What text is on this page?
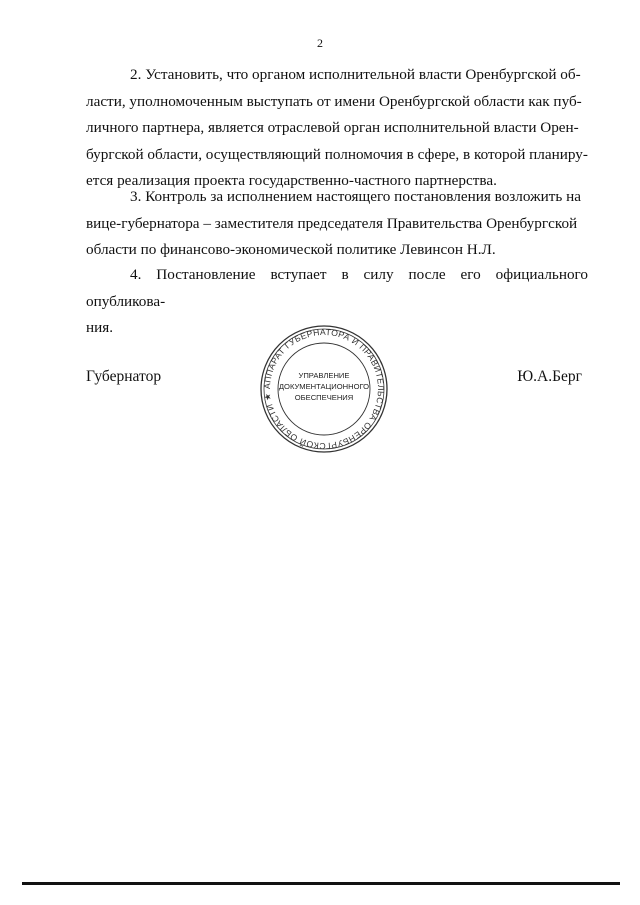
2

2. Установить, что органом исполнительной власти Оренбургской об-

ласти, уполномоченным выступать от имени Оренбургской области как пуб-

личного партнера, является отраслевой орган исполнительной власти Орен-

бургской области, осуществляющий полномочия в сфере, в которой планиру-

ется реализация проекта государственно-частного партнерства.

3. Контроль за исполнением настоящего постановления возложить на

вице-губернатора – заместителя председателя Правительства Оренбургской

области по финансово-экономической политике Левинсон Н.Л.

4. Постановление вступает в силу после его официального опубликова-

ния.

Губернатор	Ю.А.Берг
АППАРАТ ГУБЕРНАТОРА И ПРАВИТЕЛЬСТВА ОРЕНБУРГСКОЙ ОБЛАСТИ ★
УПРАВЛЕНИЕ
ДОКУМЕНТАЦИОННОГО
ОБЕСПЕЧЕНИЯ
